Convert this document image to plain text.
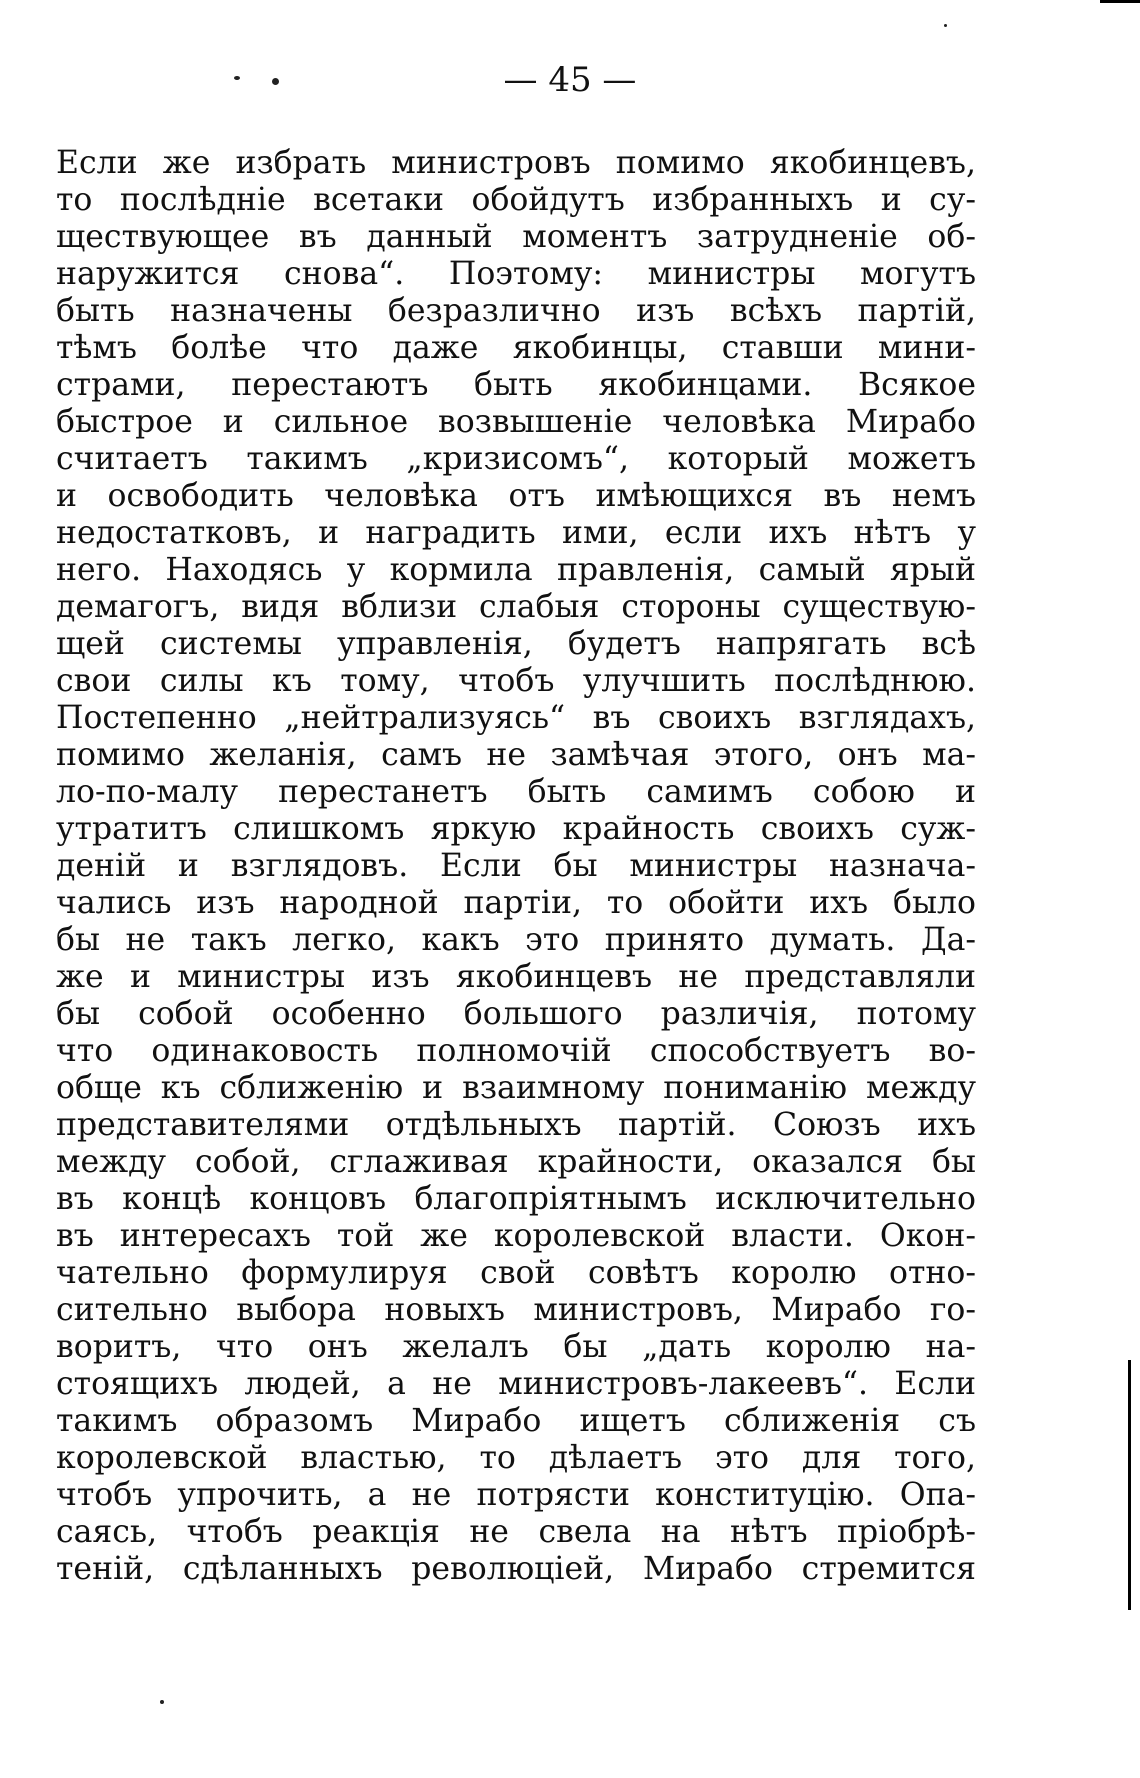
— 45 —
Если же избрать министровъ помимо якобинцевъ,
то послѣдніе всетаки обойдутъ избранныхъ и су-
ществующее въ данный моментъ затрудненіе об-
наружится снова“. Поэтому: министры могутъ
быть назначены безразлично изъ всѣхъ партій,
тѣмъ болѣе что даже якобинцы, ставши мини-
страми, перестаютъ быть якобинцами. Всякое
быстрое и сильное возвышеніе человѣка Мирабо
считаетъ такимъ „кризисомъ“, который можетъ
и освободить человѣка отъ имѣющихся въ немъ
недостатковъ, и наградить ими, если ихъ нѣтъ у
него. Находясь у кормила правленія, самый ярый
демагогъ, видя вблизи слабыя стороны существую-
щей системы управленія, будетъ напрягать всѣ
свои силы къ тому, чтобъ улучшить послѣднюю.
Постепенно „нейтрализуясь“ въ своихъ взглядахъ,
помимо желанія, самъ не замѣчая этого, онъ ма-
ло-по-малу перестанетъ быть самимъ собою и
утратитъ слишкомъ яркую крайность своихъ суж-
деній и взглядовъ. Если бы министры назнача-
чались изъ народной партіи, то обойти ихъ было
бы не такъ легко, какъ это принято думать. Да-
же и министры изъ якобинцевъ не представляли
бы собой особенно большого различія, потому
что одинаковость полномочій способствуетъ во-
обще къ сближенію и взаимному пониманію между
представителями отдѣльныхъ партій. Союзъ ихъ
между собой, сглаживая крайности, оказался бы
въ концѣ концовъ благопріятнымъ исключительно
въ интересахъ той же королевской власти. Окон-
чательно формулируя свой совѣтъ королю отно-
сительно выбора новыхъ министровъ, Мирабо го-
воритъ, что онъ желалъ бы „дать королю на-
стоящихъ людей, а не министровъ-лакеевъ“. Если
такимъ образомъ Мирабо ищетъ сближенія съ
королевской властью, то дѣлаетъ это для того,
чтобъ упрочить, а не потрясти конституцію. Опа-
саясь, чтобъ реакція не свела на нѣтъ пріобрѣ-
теній, сдѣланныхъ революціей, Мирабо стремится
